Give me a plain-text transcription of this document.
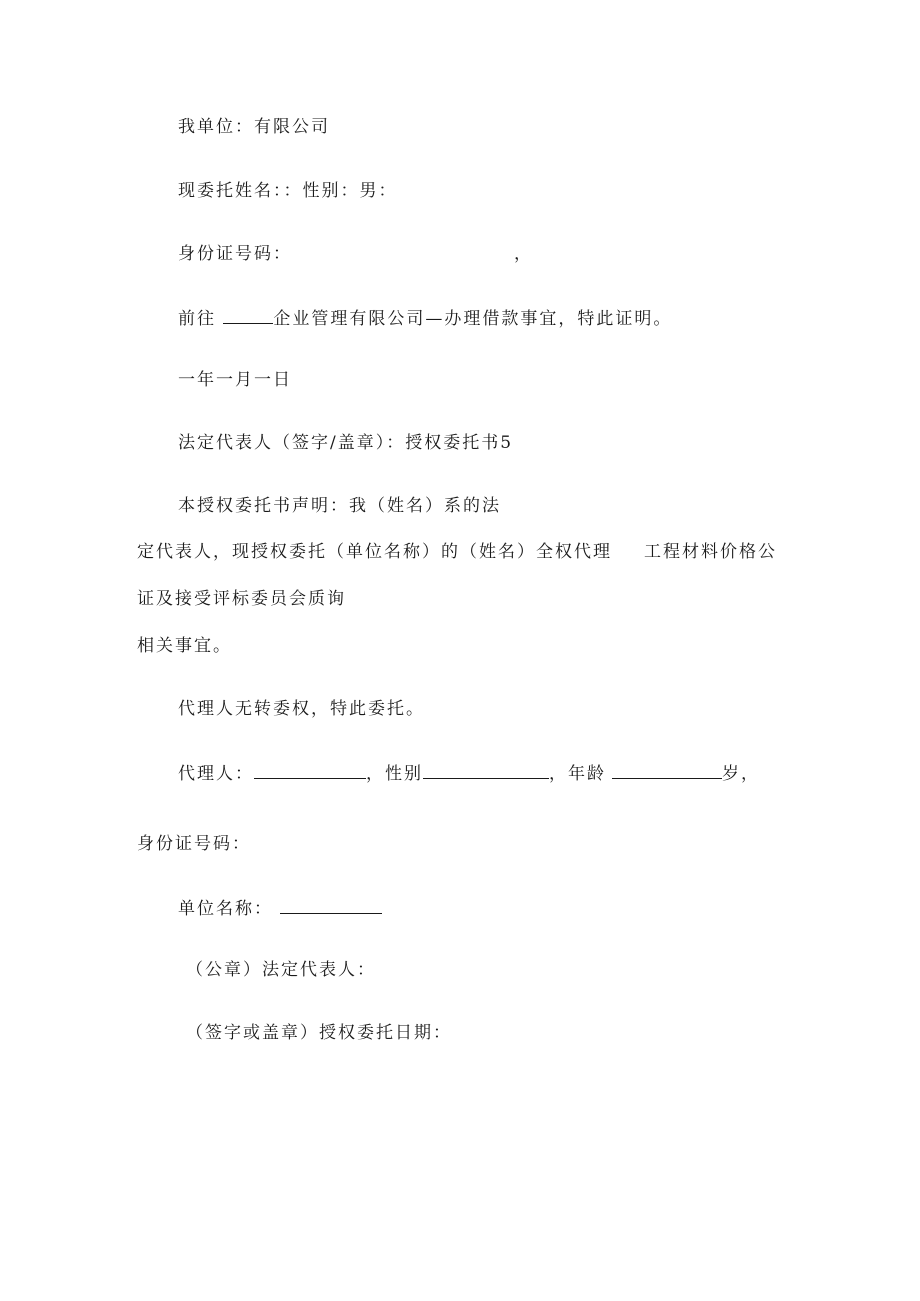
我单位：有限公司
现委托姓名：：性别：男：
身份证号码：	，
前往	企业管理有限公司—办理借款事宜，特此证明。
一年一月一日
法定代表人（签字/盖章）：授权委托书5
本授权委托书声明：我（姓名）系的法
定代表人，现授权委托（单位名称）的（姓名）全权代理 工程材料价格公
证及接受评标委员会质询
相关事宜。
代理人无转委权，特此委托。
代理人：	，性别	，年龄	岁，
身份证号码：
单位名称：
（公章）法定代表人：
（签字或盖章）授权委托日期：
